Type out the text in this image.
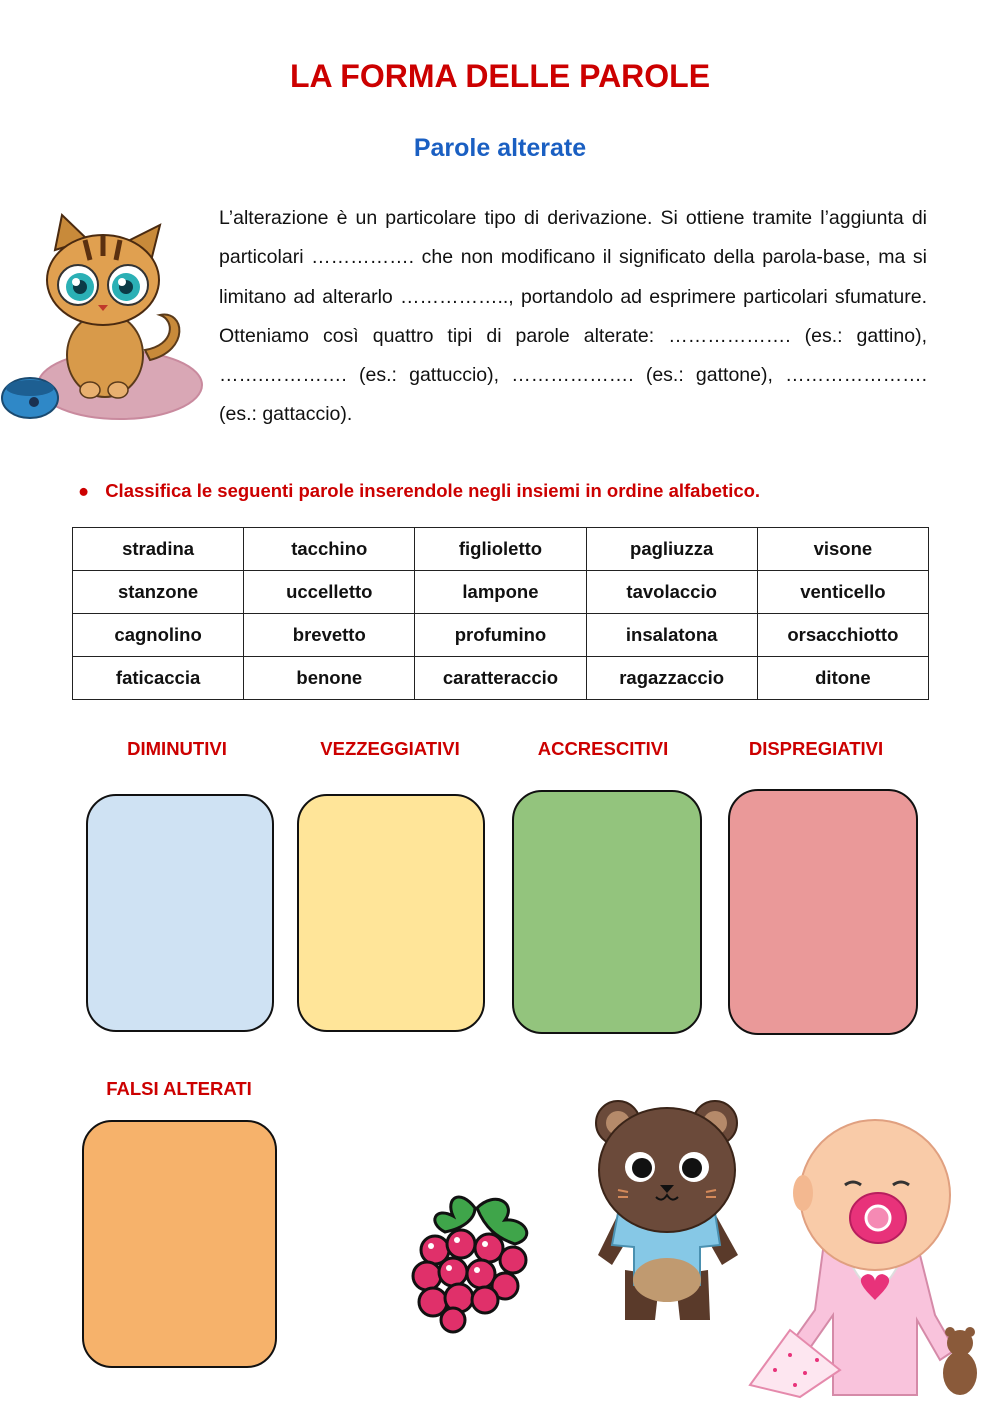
LA FORMA DELLE PAROLE
Parole alterate

L’alterazione è un particolare tipo di derivazione. Si ottiene tramite l’aggiunta di particolari ……………. che non modificano il significato della parola-base, ma si limitano ad alterarlo …………….., portandolo ad esprimere particolari sfumature. Otteniamo così quattro tipi di parole alterate: ………………. (es.: gattino), …….…………. (es.: gattuccio), ………………. (es.: gattone), …………………. (es.: gattaccio).

● Classifica le seguenti parole inserendole negli insiemi in ordine alfabetico.
stradina	tacchino	figlioletto	pagliuzza	visone
stanzone	uccelletto	lampone	tavolaccio	venticello
cagnolino	brevetto	profumino	insalatona	orsacchiotto
faticaccia	benone	caratteraccio	ragazzaccio	ditone
DIMINUTIVI	VEZZEGGIATIVI	ACCRESCITIVI	DISPREGIATIVI
FALSI ALTERATI
